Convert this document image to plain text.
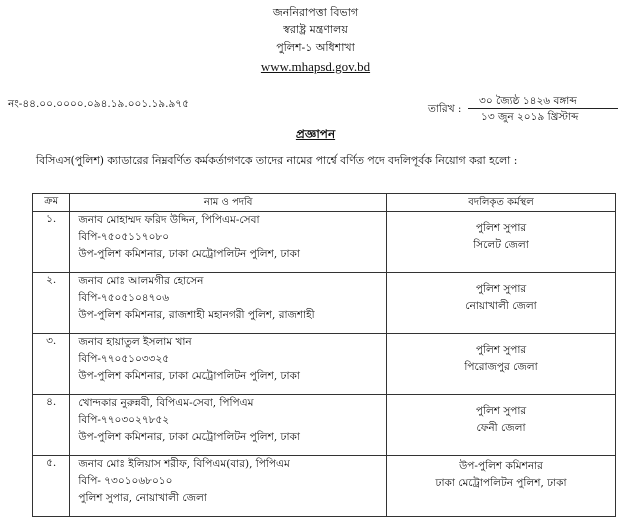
জননিরাপত্তা বিভাগ
স্বরাষ্ট্র মন্ত্রণালয়
পুলিশ-১ অধিশাখা
www.mhapsd.gov.bd
নং-৪৪.০০.০০০০.০৯৪.১৯.০০১.১৯.৯৭৫	তারিখ :
৩০ জ্যৈষ্ঠ ১৪২৬ বঙ্গাব্দ
১৩ জুন ২০১৯ খ্রিস্টাব্দ
প্রজ্ঞাপন
বিসিএস(পুলিশ) ক্যাডারের নিম্নবর্ণিত কর্মকর্তাগণকে তাদের নামের পার্শ্বে বর্ণিত পদে বদলিপূর্বক নিয়োগ করা হলো :
ক্রম	নাম ও পদবি	বদলিকৃত কর্মস্থল
১.	জনাব মোহাম্মদ ফরিদ উদ্দিন, পিপিএম-সেবা
বিপি-৭৫০৫১১৭০৮০
উপ-পুলিশ কমিশনার, ঢাকা মেট্রোপলিটন পুলিশ, ঢাকা	পুলিশ সুপার
সিলেট জেলা

২.	জনাব মোঃ আলমগীর হোসেন
বিপি-৭৫০৫১০৪৭০৬
উপ-পুলিশ কমিশনার, রাজশাহী মহানগরী পুলিশ, রাজশাহী	পুলিশ সুপার
নোয়াখালী জেলা

৩.	জনাব হায়াতুল ইসলাম খান
বিপি-৭৭০৫১০৩৩২৫
উপ-পুলিশ কমিশনার, ঢাকা মেট্রোপলিটন পুলিশ, ঢাকা	পুলিশ সুপার
পিরোজপুর জেলা

৪.	খোন্দকার নুরুন্নবী, বিপিএম-সেবা, পিপিএম
বিপি-৭৭০৩০২৭৮৫২
উপ-পুলিশ কমিশনার, ঢাকা মেট্রোপলিটন পুলিশ, ঢাকা	পুলিশ সুপার
ফেনী জেলা

৫.	জনাব মোঃ ইলিয়াস শরীফ, বিপিএম(বার), পিপিএম
বিপি- ৭৩০১০৬৮০১০
পুলিশ সুপার, নোয়াখালী জেলা	উপ-পুলিশ কমিশনার
ঢাকা মেট্রোপলিটন পুলিশ, ঢাকা
